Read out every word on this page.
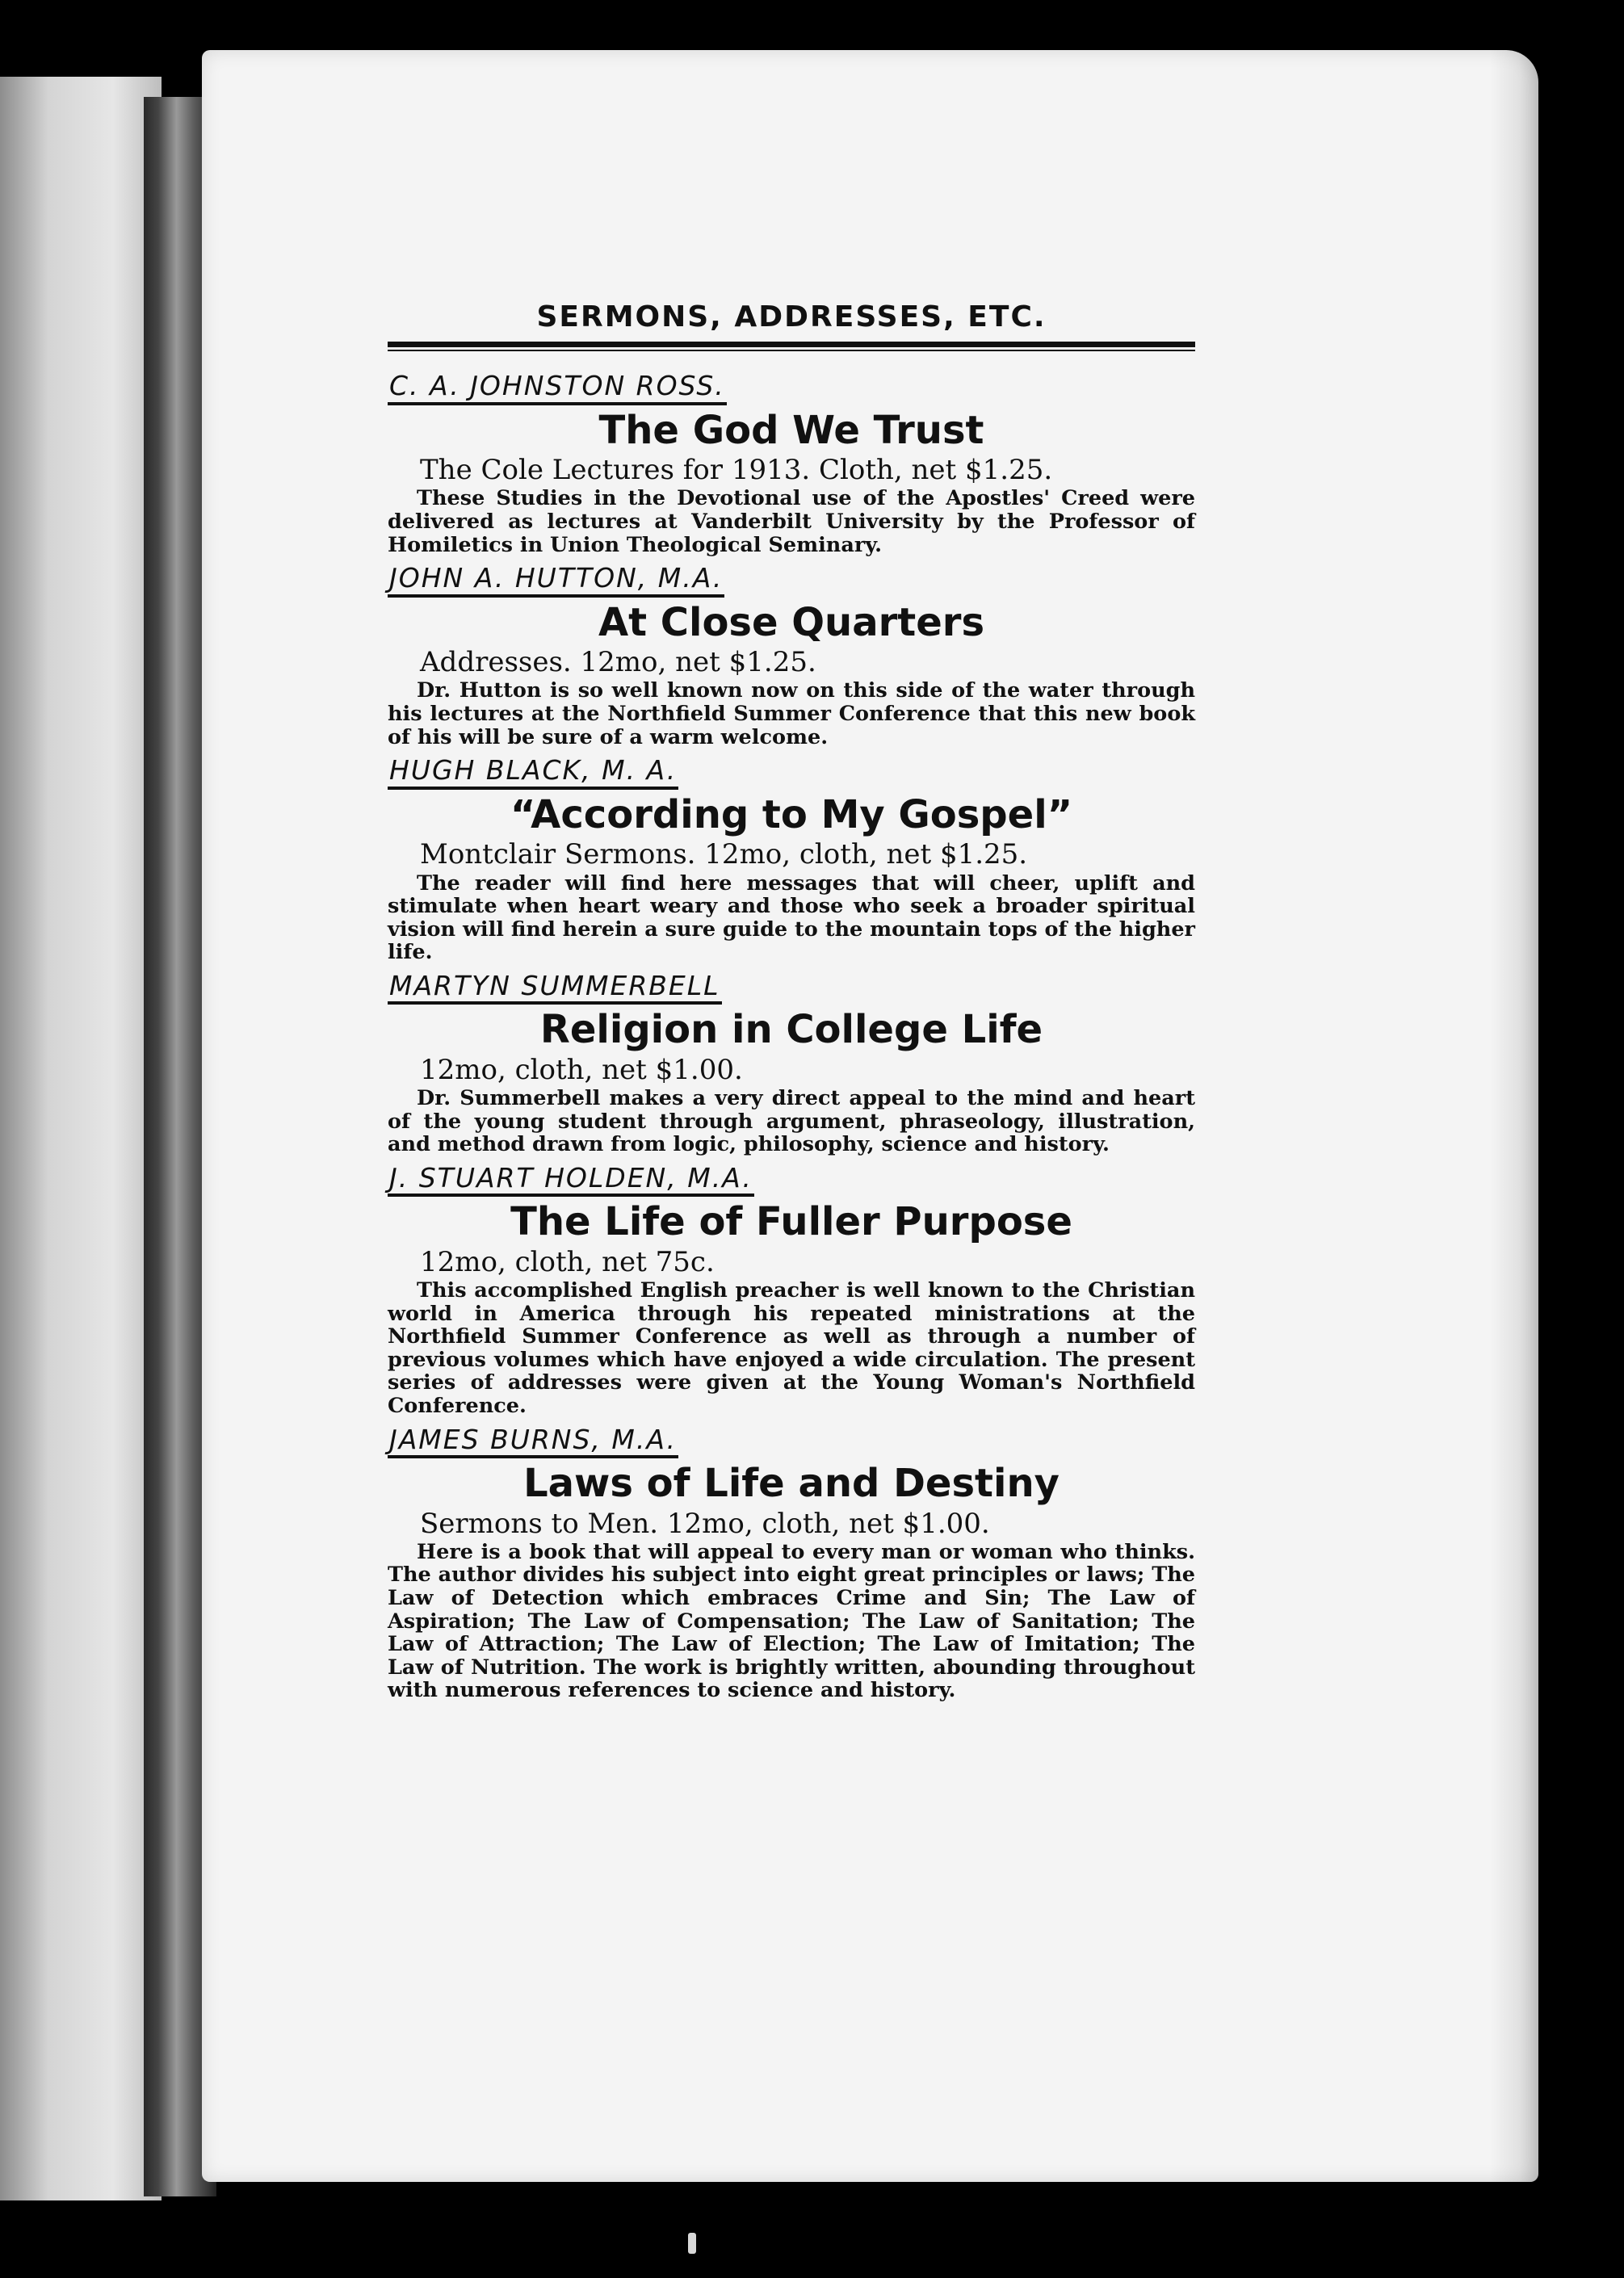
SERMONS, ADDRESSES, ETC.
C. A. JOHNSTON ROSS.
The God We Trust
The Cole Lectures for 1913. Cloth, net $1.25.
These Studies in the Devotional use of the Apostles' Creed were delivered as lectures at Vanderbilt University by the Professor of Homiletics in Union Theological Seminary.
JOHN A. HUTTON, M.A.
At Close Quarters
Addresses. 12mo, net $1.25.
Dr. Hutton is so well known now on this side of the water through his lectures at the Northfield Summer Conference that this new book of his will be sure of a warm welcome.
HUGH BLACK, M. A.
“According to My Gospel”
Montclair Sermons. 12mo, cloth, net $1.25.
The reader will find here messages that will cheer, uplift and stimulate when heart weary and those who seek a broader spiritual vision will find herein a sure guide to the mountain tops of the higher life.
MARTYN SUMMERBELL
Religion in College Life
12mo, cloth, net $1.00.
Dr. Summerbell makes a very direct appeal to the mind and heart of the young student through argument, phraseology, illustration, and method drawn from logic, philosophy, science and history.
J. STUART HOLDEN, M.A.
The Life of Fuller Purpose
12mo, cloth, net 75c.
This accomplished English preacher is well known to the Christian world in America through his repeated ministrations at the Northfield Summer Conference as well as through a number of previous volumes which have enjoyed a wide circulation. The present series of addresses were given at the Young Woman's Northfield Conference.
JAMES BURNS, M.A.
Laws of Life and Destiny
Sermons to Men. 12mo, cloth, net $1.00.
Here is a book that will appeal to every man or woman who thinks. The author divides his subject into eight great principles or laws; The Law of Detection which embraces Crime and Sin; The Law of Aspiration; The Law of Compensation; The Law of Sanitation; The Law of Attraction; The Law of Election; The Law of Imitation; The Law of Nutrition. The work is brightly written, abounding throughout with numerous references to science and history.
